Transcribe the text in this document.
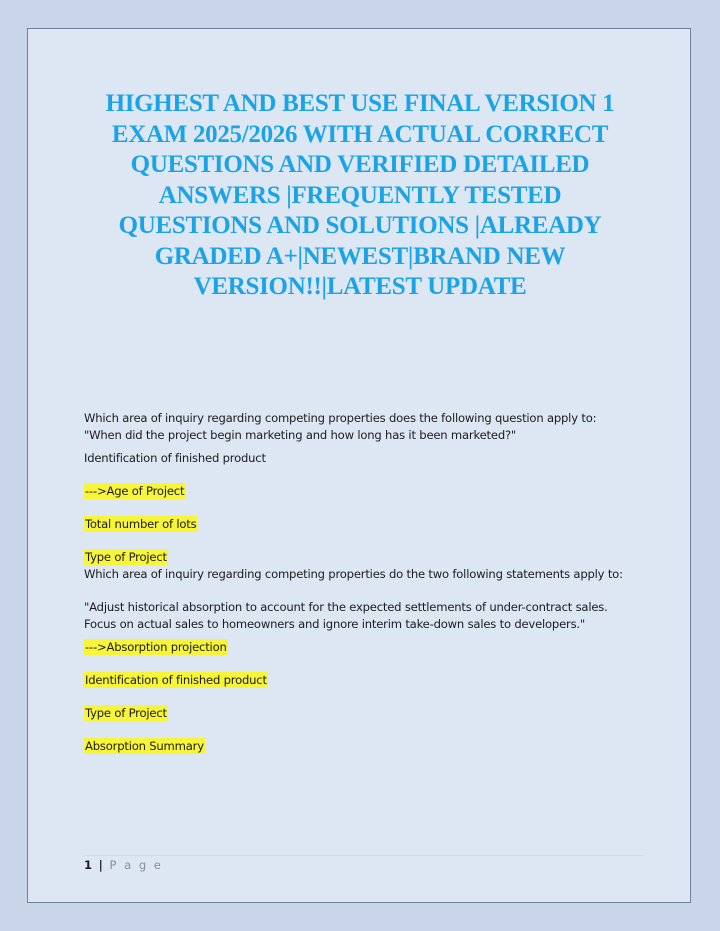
HIGHEST AND BEST USE FINAL VERSION 1 EXAM 2025/2026 WITH ACTUAL CORRECT QUESTIONS AND VERIFIED DETAILED ANSWERS |FREQUENTLY TESTED QUESTIONS AND SOLUTIONS |ALREADY GRADED A+|NEWEST|BRAND NEW VERSION!!|LATEST UPDATE
Which area of inquiry regarding competing properties does the following question apply to:
"When did the project begin marketing and how long has it been marketed?"
Identification of finished product
--->Age of Project
Total number of lots
Type of Project
Which area of inquiry regarding competing properties do the two following statements apply to:
"Adjust historical absorption to account for the expected settlements of under-contract sales.
Focus on actual sales to homeowners and ignore interim take-down sales to developers."
--->Absorption projection
Identification of finished product
Type of Project
Absorption Summary
1 | P a g e
